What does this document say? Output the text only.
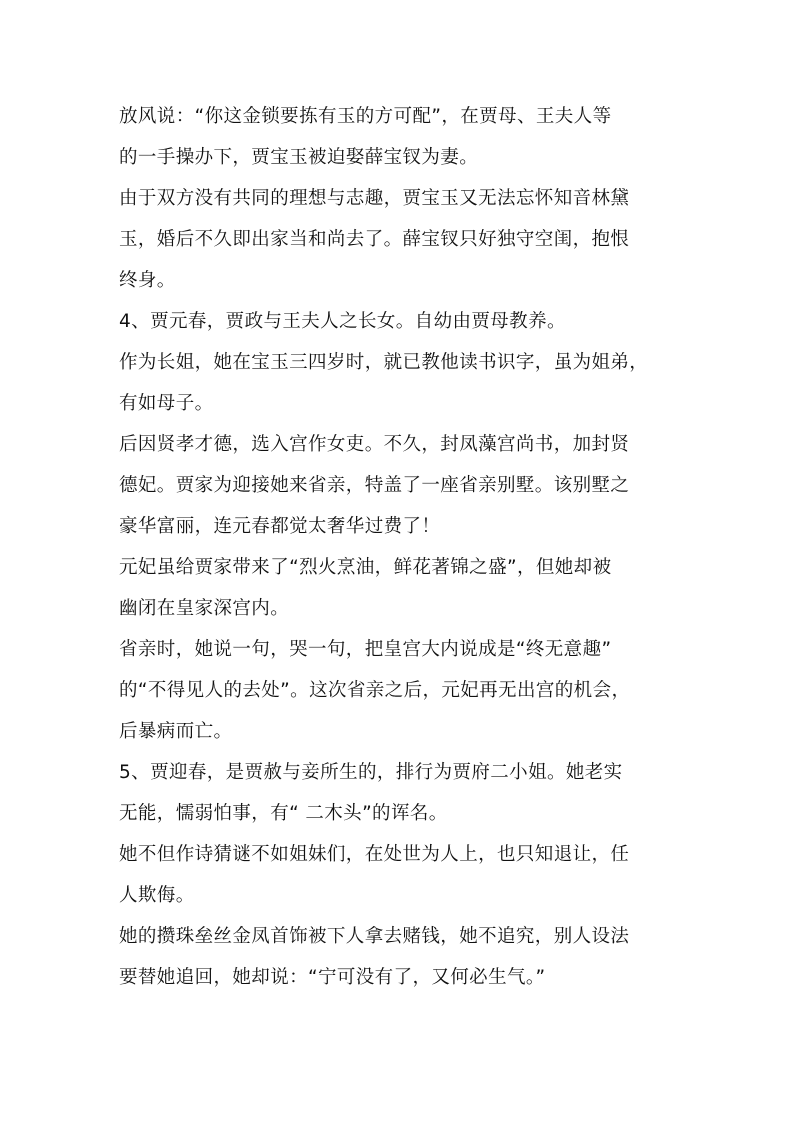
放风说：“你这金锁要拣有玉的方可配”，在贾母、王夫人等
的一手操办下，贾宝玉被迫娶薛宝钗为妻。
由于双方没有共同的理想与志趣，贾宝玉又无法忘怀知音林黛
玉，婚后不久即出家当和尚去了。薛宝钗只好独守空闺，抱恨
终身。
4、贾元春，贾政与王夫人之长女。自幼由贾母教养。
作为长姐，她在宝玉三四岁时，就已教他读书识字，虽为姐弟，
有如母子。
后因贤孝才德，选入宫作女吏。不久，封凤藻宫尚书，加封贤
德妃。贾家为迎接她来省亲，特盖了一座省亲别墅。该别墅之
豪华富丽，连元春都觉太奢华过费了！
元妃虽给贾家带来了“烈火烹油，鲜花著锦之盛”，但她却被
幽闭在皇家深宫内。
省亲时，她说一句，哭一句，把皇宫大内说成是“终无意趣”
的“不得见人的去处”。这次省亲之后，元妃再无出宫的机会，
后暴病而亡。
5、贾迎春，是贾赦与妾所生的，排行为贾府二小姐。她老实
无能，懦弱怕事，有“ 二木头”的诨名。
她不但作诗猜谜不如姐妹们，在处世为人上，也只知退让，任
人欺侮。
她的攒珠垒丝金凤首饰被下人拿去赌钱，她不追究，别人设法
要替她追回，她却说：“宁可没有了，又何必生气。”
